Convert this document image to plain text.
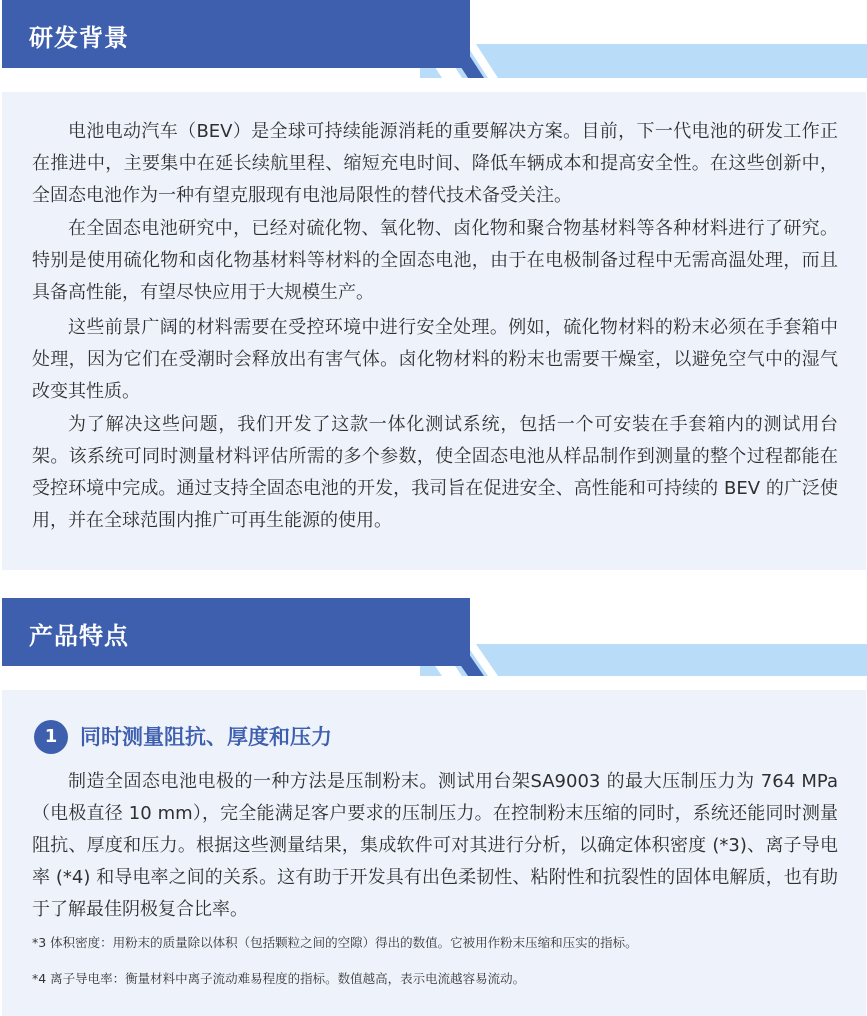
研发背景

电池电动汽车（BEV）是全球可持续能源消耗的重要解决方案。目前，下一代电池的研发工作正在推进中，主要集中在延长续航里程、缩短充电时间、降低车辆成本和提高安全性。在这些创新中，全固态电池作为一种有望克服现有电池局限性的替代技术备受关注。

在全固态电池研究中，已经对硫化物、氧化物、卤化物和聚合物基材料等各种材料进行了研究。特别是使用硫化物和卤化物基材料等材料的全固态电池，由于在电极制备过程中无需高温处理，而且具备高性能，有望尽快应用于大规模生产。

这些前景广阔的材料需要在受控环境中进行安全处理。例如，硫化物材料的粉末必须在手套箱中处理，因为它们在受潮时会释放出有害气体。卤化物材料的粉末也需要干燥室，以避免空气中的湿气改变其性质。

为了解决这些问题，我们开发了这款一体化测试系统，包括一个可安装在手套箱内的测试用台架。该系统可同时测量材料评估所需的多个参数，使全固态电池从样品制作到测量的整个过程都能在受控环境中完成。通过支持全固态电池的开发，我司旨在促进安全、高性能和可持续的 BEV 的广泛使用，并在全球范围内推广可再生能源的使用。

产品特点
1	同时测量阻抗、厚度和压力

制造全固态电池电极的一种方法是压制粉末。测试用台架SA9003 的最大压制压力为 764 MPa（电极直径 10 mm），完全能满足客户要求的压制压力。在控制粉末压缩的同时，系统还能同时测量阻抗、厚度和压力。根据这些测量结果，集成软件可对其进行分析，以确定体积密度 (*3)、离子导电率 (*4) 和导电率之间的关系。这有助于开发具有出色柔韧性、粘附性和抗裂性的固体电解质，也有助于了解最佳阴极复合比率。

*3 体积密度：用粉末的质量除以体积（包括颗粒之间的空隙）得出的数值。它被用作粉末压缩和压实的指标。

*4 离子导电率：衡量材料中离子流动难易程度的指标。数值越高，表示电流越容易流动。
